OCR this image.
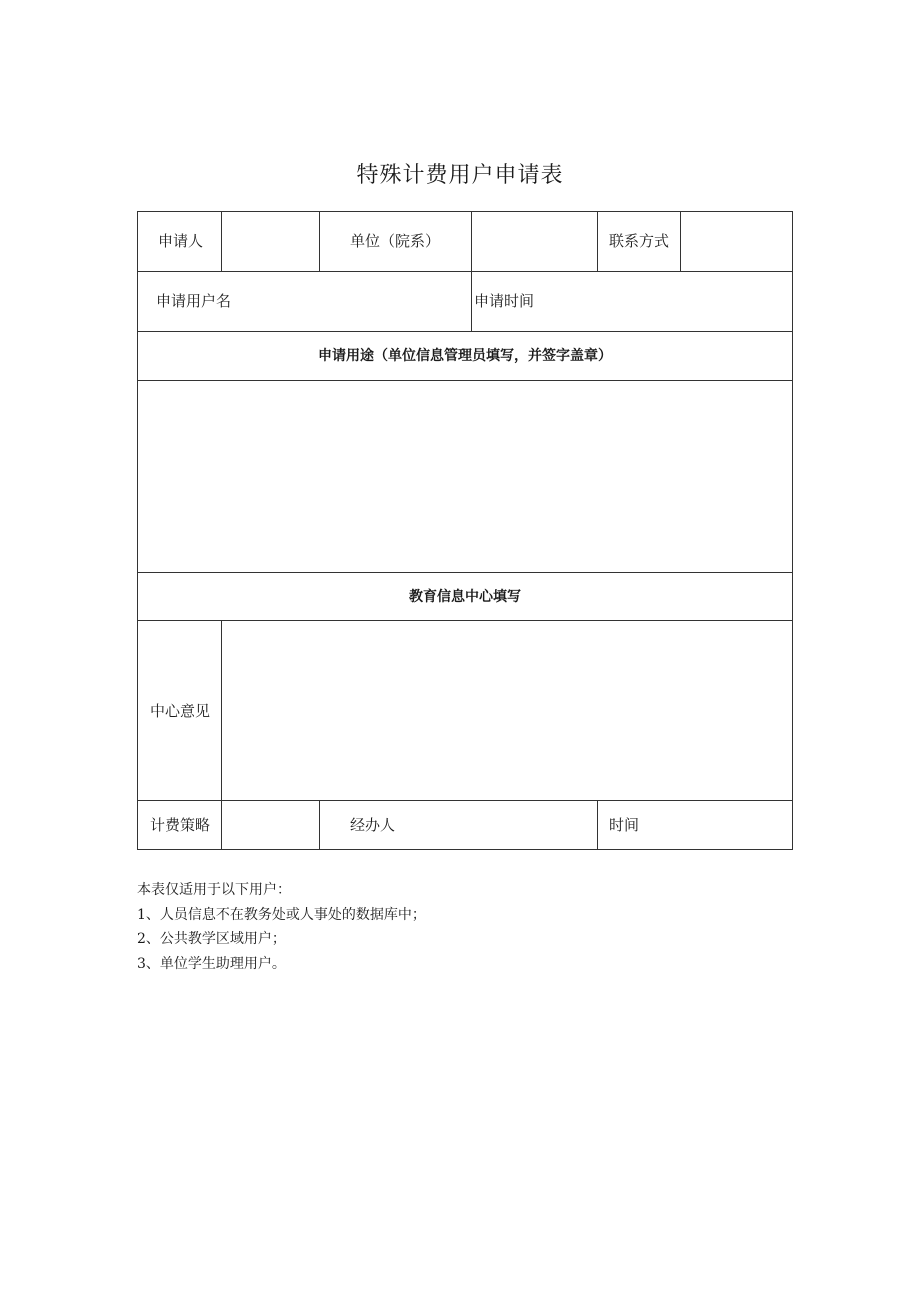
特殊计费用户申请表
申请人	单位（院系）	联系方式
申请用户名	申请时间
申请用途（单位信息管理员填写，并签字盖章）
教育信息中心填写
中心意见
计费策略	经办人	时间
本表仅适用于以下用户：
1、人员信息不在教务处或人事处的数据库中；
2、公共教学区域用户；
3、单位学生助理用户。
